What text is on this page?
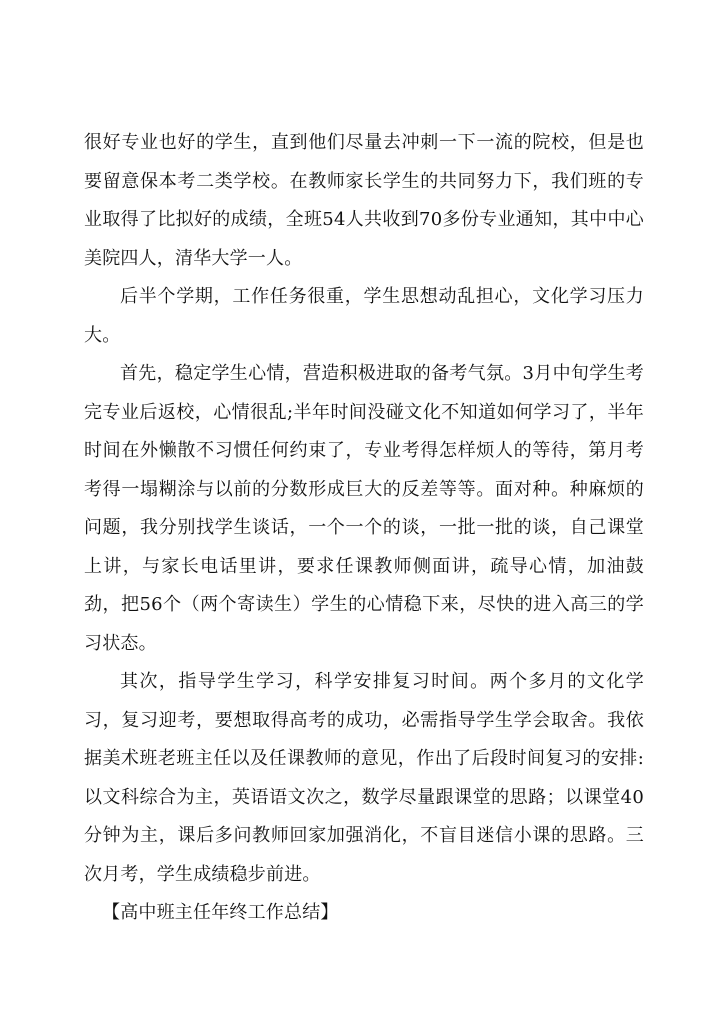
很好专业也好的学生，直到他们尽量去冲刺一下一流的院校，但是也要留意保本考二类学校。在教师家长学生的共同努力下，我们班的专业取得了比拟好的成绩，全班54人共收到70多份专业通知，其中中心美院四人，清华大学一人。

后半个学期，工作任务很重，学生思想动乱担心，文化学习压力大。

首先，稳定学生心情，营造积极进取的备考气氛。3月中旬学生考完专业后返校，心情很乱;半年时间没碰文化不知道如何学习了，半年时间在外懒散不习惯任何约束了，专业考得怎样烦人的等待，第月考考得一塌糊涂与以前的分数形成巨大的反差等等。面对种。种麻烦的问题，我分别找学生谈话，一个一个的谈，一批一批的谈，自己课堂上讲，与家长电话里讲，要求任课教师侧面讲，疏导心情，加油鼓劲，把56个（两个寄读生）学生的心情稳下来，尽快的进入高三的学习状态。

其次，指导学生学习，科学安排复习时间。两个多月的文化学习，复习迎考，要想取得高考的成功，必需指导学生学会取舍。我依据美术班老班主任以及任课教师的意见，作出了后段时间复习的安排:以文科综合为主，英语语文次之，数学尽量跟课堂的思路；以课堂40分钟为主，课后多问教师回家加强消化，不盲目迷信小课的思路。三次月考，学生成绩稳步前进。

【高中班主任年终工作总结】
